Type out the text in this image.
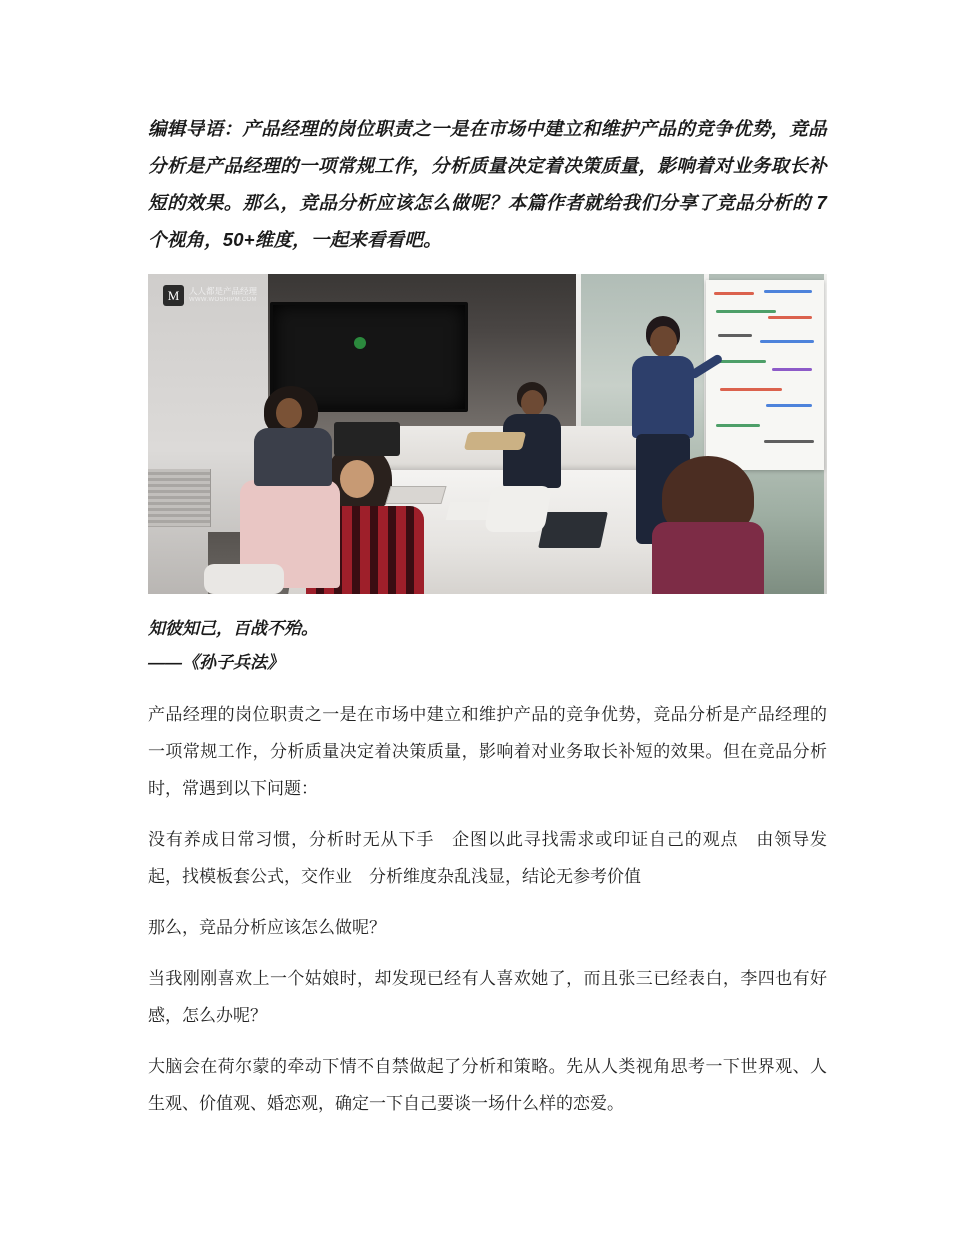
编辑导语：产品经理的岗位职责之一是在市场中建立和维护产品的竞争优势，竞品分析是产品经理的一项常规工作，分析质量决定着决策质量，影响着对业务取长补短的效果。那么，竞品分析应该怎么做呢？本篇作者就给我们分享了竞品分析的 7 个视角，50+维度，一起来看看吧。

M	人人都是产品经理
WWW.WOSHIPM.COM

知彼知己，百战不殆。

——《孙子兵法》

产品经理的岗位职责之一是在市场中建立和维护产品的竞争优势，竞品分析是产品经理的一项常规工作，分析质量决定着决策质量，影响着对业务取长补短的效果。但在竞品分析时，常遇到以下问题：

没有养成日常习惯，分析时无从下手　企图以此寻找需求或印证自己的观点　由领导发起，找模板套公式，交作业　分析维度杂乱浅显，结论无参考价值

那么，竞品分析应该怎么做呢？

当我刚刚喜欢上一个姑娘时，却发现已经有人喜欢她了，而且张三已经表白，李四也有好感，怎么办呢？

大脑会在荷尔蒙的牵动下情不自禁做起了分析和策略。先从人类视角思考一下世界观、人生观、价值观、婚恋观，确定一下自己要谈一场什么样的恋爱。
